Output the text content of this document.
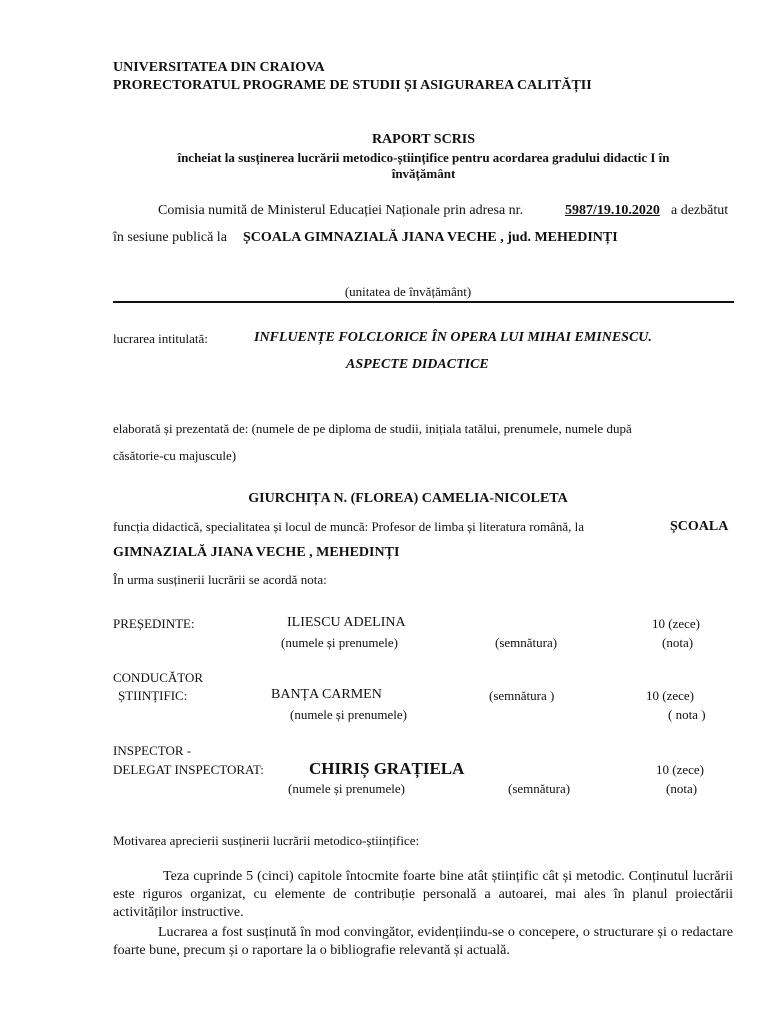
UNIVERSITATEA DIN CRAIOVA
PRORECTORATUL PROGRAME DE STUDII ȘI ASIGURAREA CALITĂȚII
RAPORT SCRIS
încheiat la susținerea lucrării metodico-științifice pentru acordarea gradului didactic I în
învățământ
Comisia numită de Ministerul Educației Naționale prin adresa nr.	5987/19.10.2020 a dezbătut
în sesiune publică la ȘCOALA GIMNAZIALĂ JIANA VECHE , jud. MEHEDINȚI
(unitatea de învățământ)
lucrarea intitulată:	INFLUENȚE FOLCLORICE ÎN OPERA LUI MIHAI EMINESCU.
ASPECTE DIDACTICE
elaborată și prezentată de: (numele de pe diploma de studii, inițiala tatălui, prenumele, numele după
căsătorie-cu majuscule)
GIURCHIȚA N. (FLOREA) CAMELIA-NICOLETA
funcția didactică, specialitatea și locul de muncă: Profesor de limba și literatura română, la	ȘCOALA
GIMNAZIALĂ JIANA VECHE , MEHEDINȚI
În urma susținerii lucrării se acordă nota:
PREȘEDINTE:	ILIESCU ADELINA	10 (zece)
(numele și prenumele)	(semnătura)	(nota)
CONDUCĂTOR
ȘTIINȚIFIC:	BANȚA CARMEN	(semnătura )	10 (zece)
(numele și prenumele)	( nota )
INSPECTOR -
DELEGAT INSPECTORAT:	CHIRIȘ GRAȚIELA	10 (zece)
(numele și prenumele)	(semnătura)	(nota)
Motivarea aprecierii susținerii lucrării metodico-științifice:
Teza cuprinde 5 (cinci) capitole întocmite foarte bine atât științific cât și metodic. Conținutul lucrării este riguros organizat, cu elemente de contribuție personală a autoarei, mai ales în planul proiectării activităților instructive.
Lucrarea a fost susținută în mod convingător, evidențiindu-se o concepere, o structurare și o redactare foarte bune, precum și o raportare la o bibliografie relevantă și actuală.
